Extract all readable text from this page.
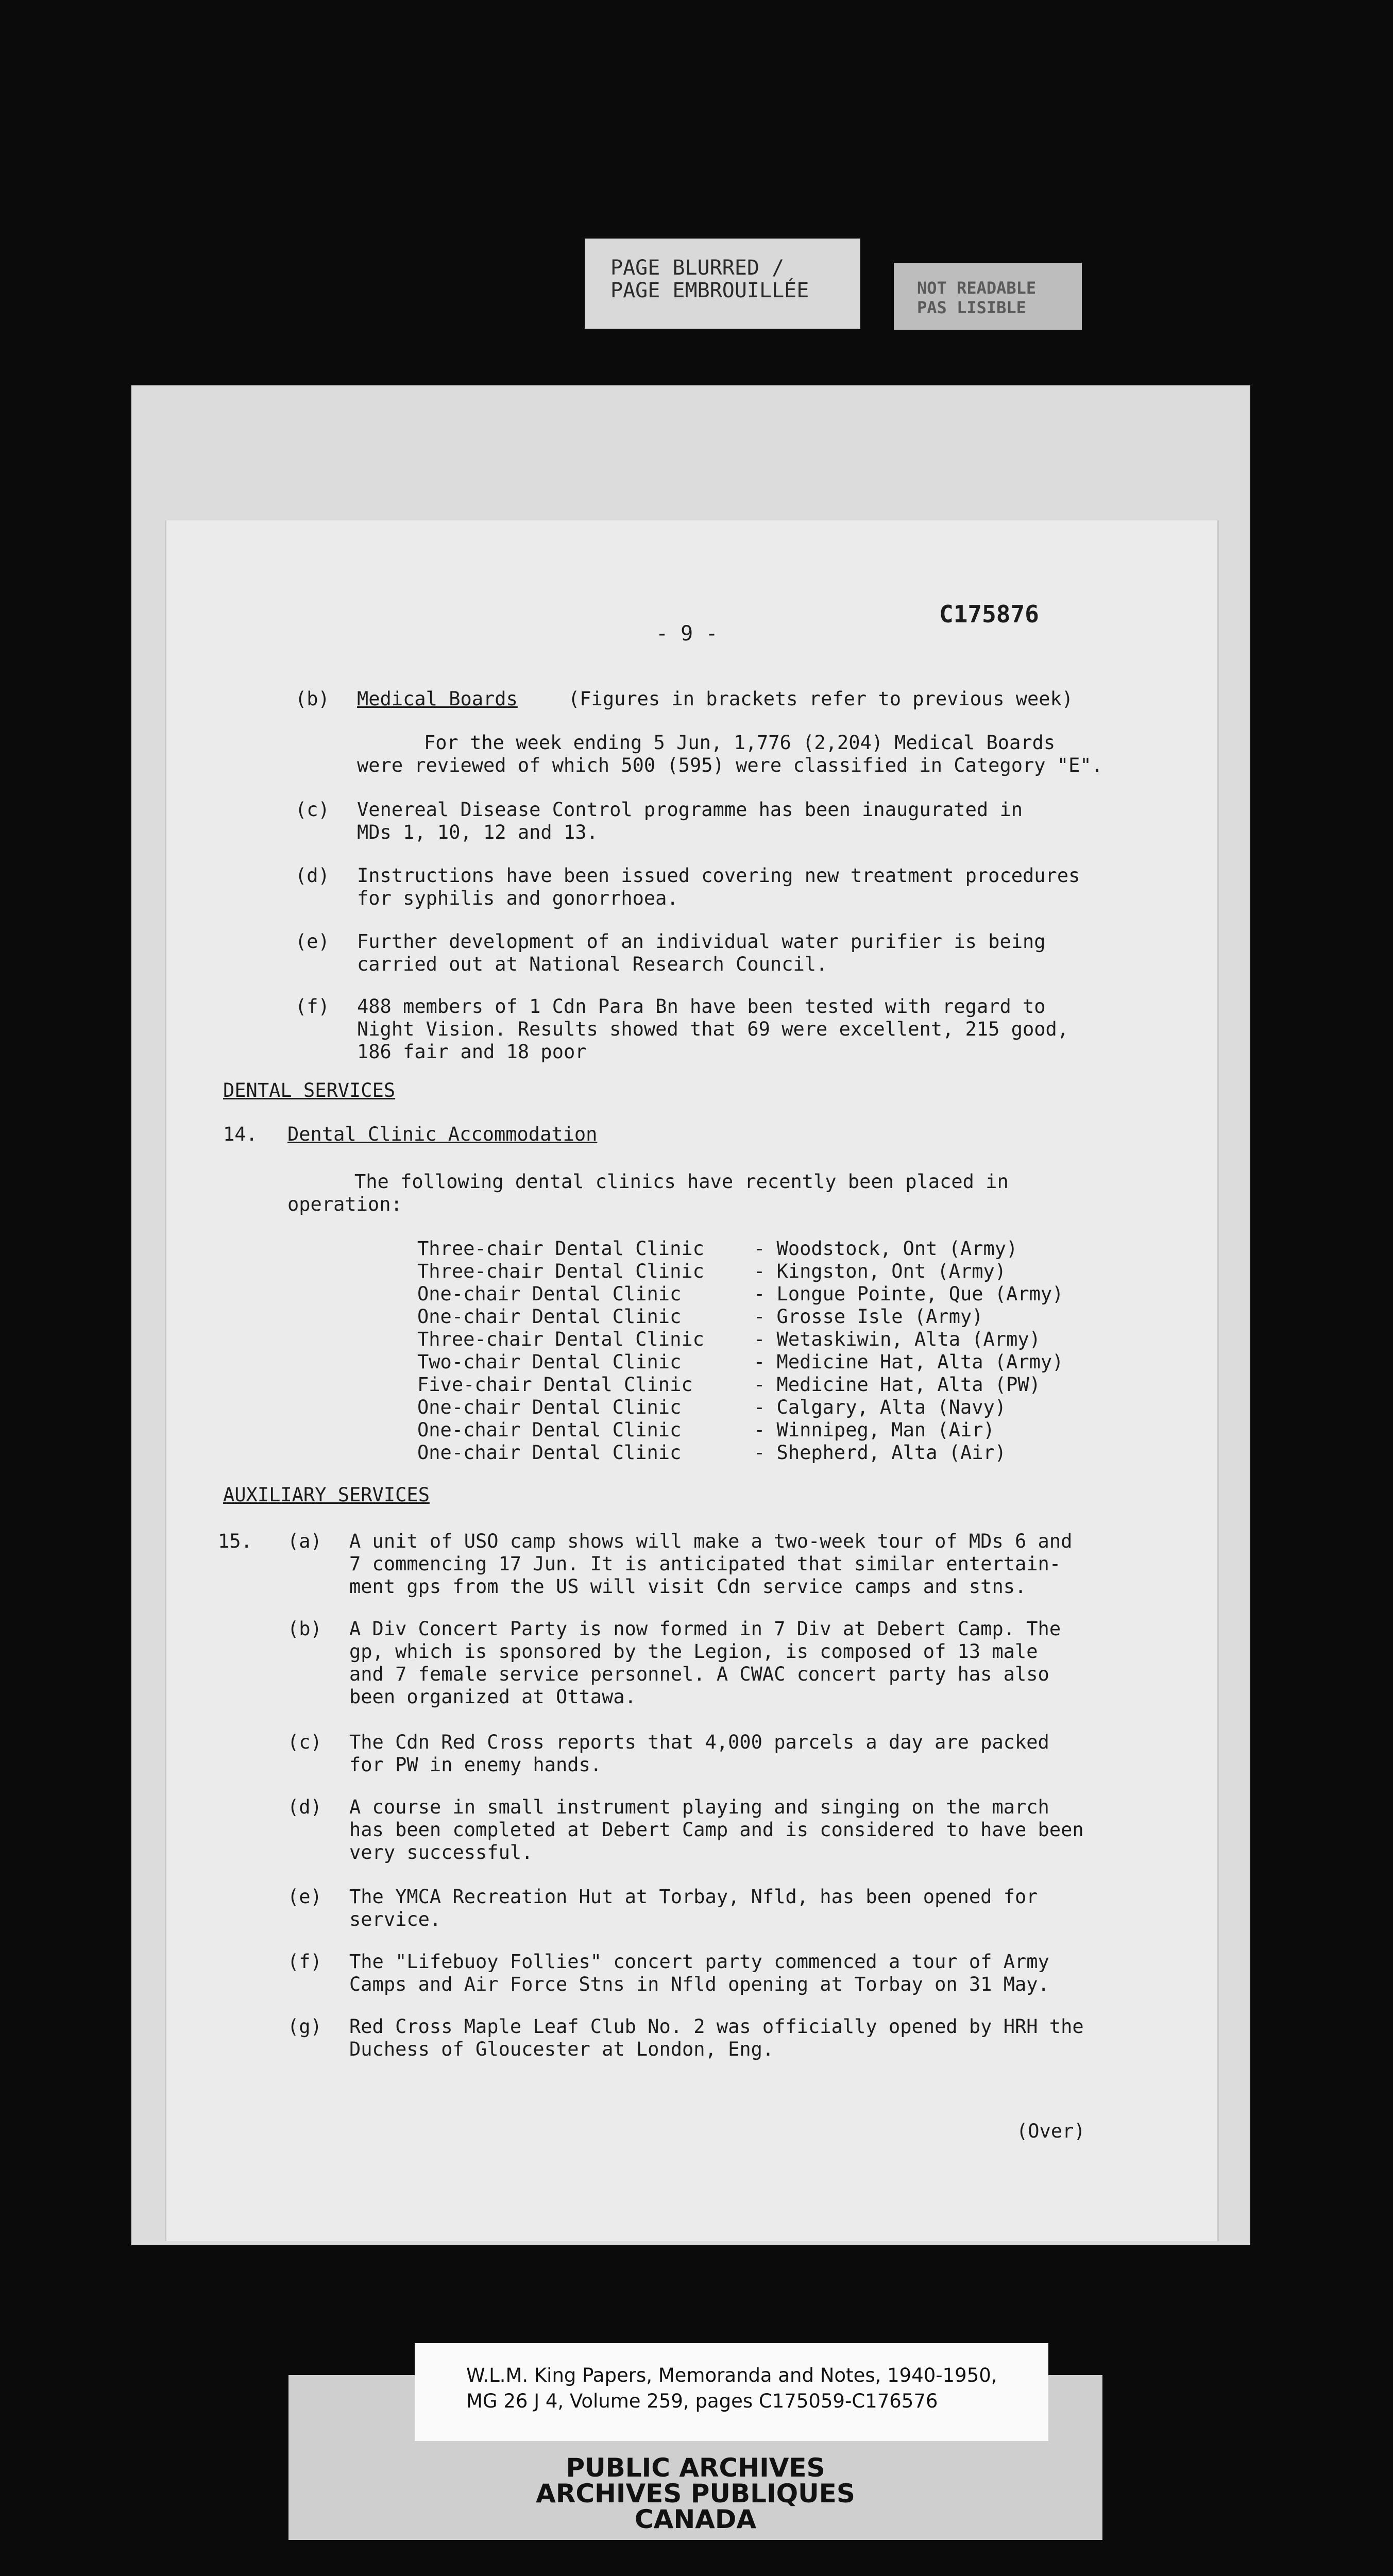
PAGE BLURRED /
PAGE EMBROUILLÉE	NOT READABLE
PAS LISIBLE
- 9 -
C175876
(b) Medical Boards	(Figures in brackets refer to previous week)
For the week ending 5 Jun, 1,776 (2,204) Medical Boards
were reviewed of which 500 (595) were classified in Category "E".
(c) Venereal Disease Control programme has been inaugurated in
MDs 1, 10, 12 and 13.
(d) Instructions have been issued covering new treatment procedures
for syphilis and gonorrhoea.
(e) Further development of an individual water purifier is being
carried out at National Research Council.
(f) 488 members of 1 Cdn Para Bn have been tested with regard to
Night Vision. Results showed that 69 were excellent, 215 good,
186 fair and 18 poor
DENTAL SERVICES
14. Dental Clinic Accommodation
The following dental clinics have recently been placed in
operation:
Three-chair Dental Clinic	- Woodstock, Ont (Army)
Three-chair Dental Clinic	- Kingston, Ont (Army)
One-chair Dental Clinic	- Longue Pointe, Que (Army)
One-chair Dental Clinic	- Grosse Isle (Army)
Three-chair Dental Clinic	- Wetaskiwin, Alta (Army)
Two-chair Dental Clinic	- Medicine Hat, Alta (Army)
Five-chair Dental Clinic	- Medicine Hat, Alta (PW)
One-chair Dental Clinic	- Calgary, Alta (Navy)
One-chair Dental Clinic	- Winnipeg, Man (Air)
One-chair Dental Clinic	- Shepherd, Alta (Air)
AUXILIARY SERVICES
15. (a) A unit of USO camp shows will make a two-week tour of MDs 6 and
7 commencing 17 Jun. It is anticipated that similar entertain-
ment gps from the US will visit Cdn service camps and stns.
(b) A Div Concert Party is now formed in 7 Div at Debert Camp. The
gp, which is sponsored by the Legion, is composed of 13 male
and 7 female service personnel. A CWAC concert party has also
been organized at Ottawa.
(c) The Cdn Red Cross reports that 4,000 parcels a day are packed
for PW in enemy hands.
(d) A course in small instrument playing and singing on the march
has been completed at Debert Camp and is considered to have been
very successful.
(e) The YMCA Recreation Hut at Torbay, Nfld, has been opened for
service.
(f) The "Lifebuoy Follies" concert party commenced a tour of Army
Camps and Air Force Stns in Nfld opening at Torbay on 31 May.
(g) Red Cross Maple Leaf Club No. 2 was officially opened by HRH the
Duchess of Gloucester at London, Eng.
(Over)
W.L.M. King Papers, Memoranda and Notes, 1940-1950,
MG 26 J 4, Volume 259, pages C175059-C176576
PUBLIC ARCHIVES
ARCHIVES PUBLIQUES
CANADA
